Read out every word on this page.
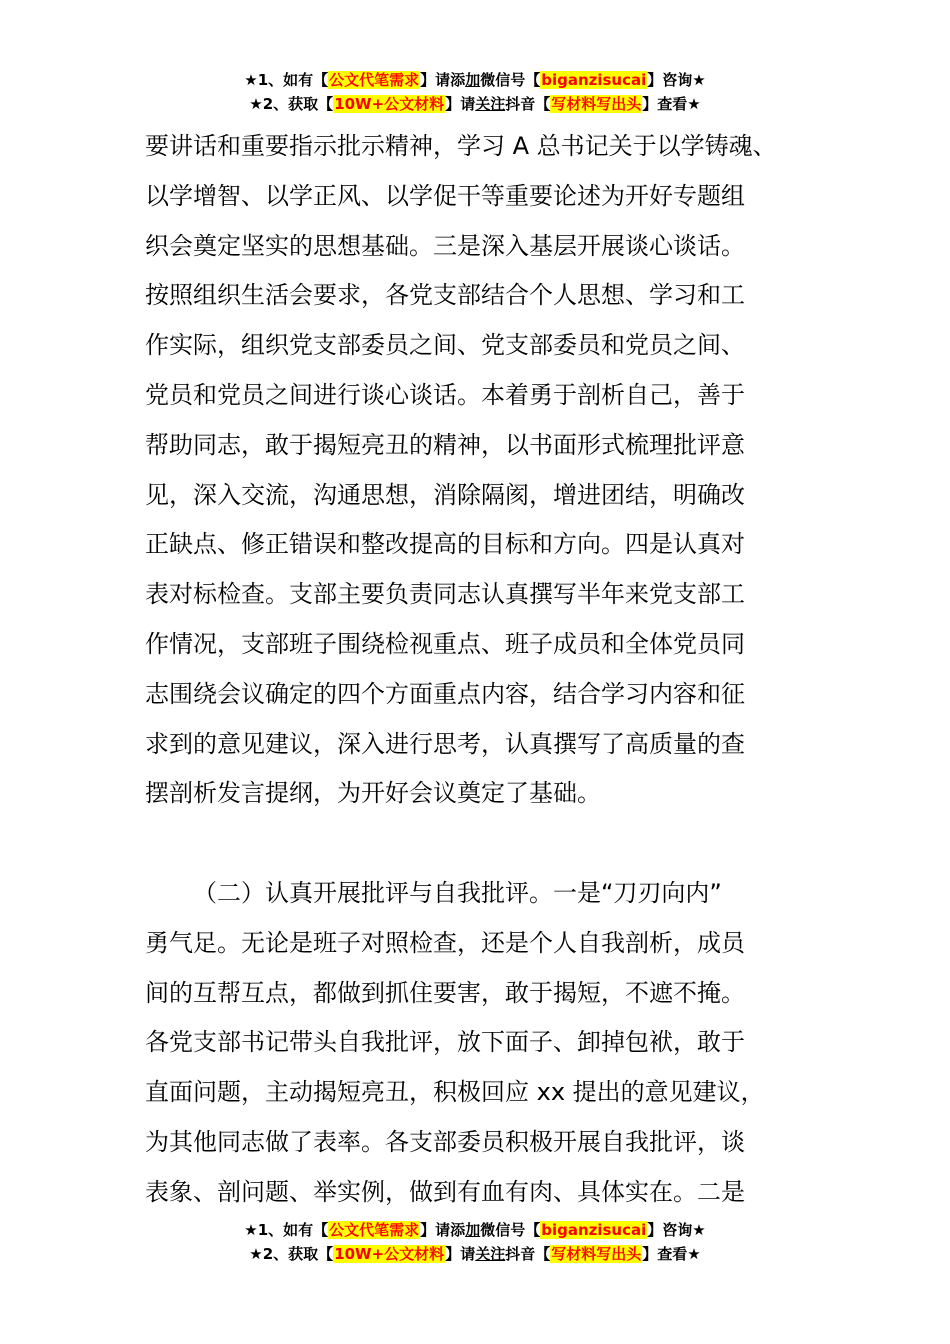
★1、如有【公文代笔需求】请添加微信号【biganzisucai】咨询★
★2、获取【10W+公文材料】请关注抖音【写材料写出头】查看★
要讲话和重要指示批示精神，学习 A 总书记关于以学铸魂、
以学增智、以学正风、以学促干等重要论述为开好专题组
织会奠定坚实的思想基础。三是深入基层开展谈心谈话。
按照组织生活会要求，各党支部结合个人思想、学习和工
作实际，组织党支部委员之间、党支部委员和党员之间、
党员和党员之间进行谈心谈话。本着勇于剖析自己，善于
帮助同志，敢于揭短亮丑的精神，以书面形式梳理批评意
见，深入交流，沟通思想，消除隔阂，增进团结，明确改
正缺点、修正错误和整改提高的目标和方向。四是认真对
表对标检查。支部主要负责同志认真撰写半年来党支部工
作情况，支部班子围绕检视重点、班子成员和全体党员同
志围绕会议确定的四个方面重点内容，结合学习内容和征
求到的意见建议，深入进行思考，认真撰写了高质量的查
摆剖析发言提纲，为开好会议奠定了基础。
（二）认真开展批评与自我批评。一是“刀刃向内”
勇气足。无论是班子对照检查，还是个人自我剖析，成员
间的互帮互点，都做到抓住要害，敢于揭短，不遮不掩。
各党支部书记带头自我批评，放下面子、卸掉包袱，敢于
直面问题，主动揭短亮丑，积极回应 xx 提出的意见建议，
为其他同志做了表率。各支部委员积极开展自我批评，谈
表象、剖问题、举实例，做到有血有肉、具体实在。二是
★1、如有【公文代笔需求】请添加微信号【biganzisucai】咨询★
★2、获取【10W+公文材料】请关注抖音【写材料写出头】查看★
